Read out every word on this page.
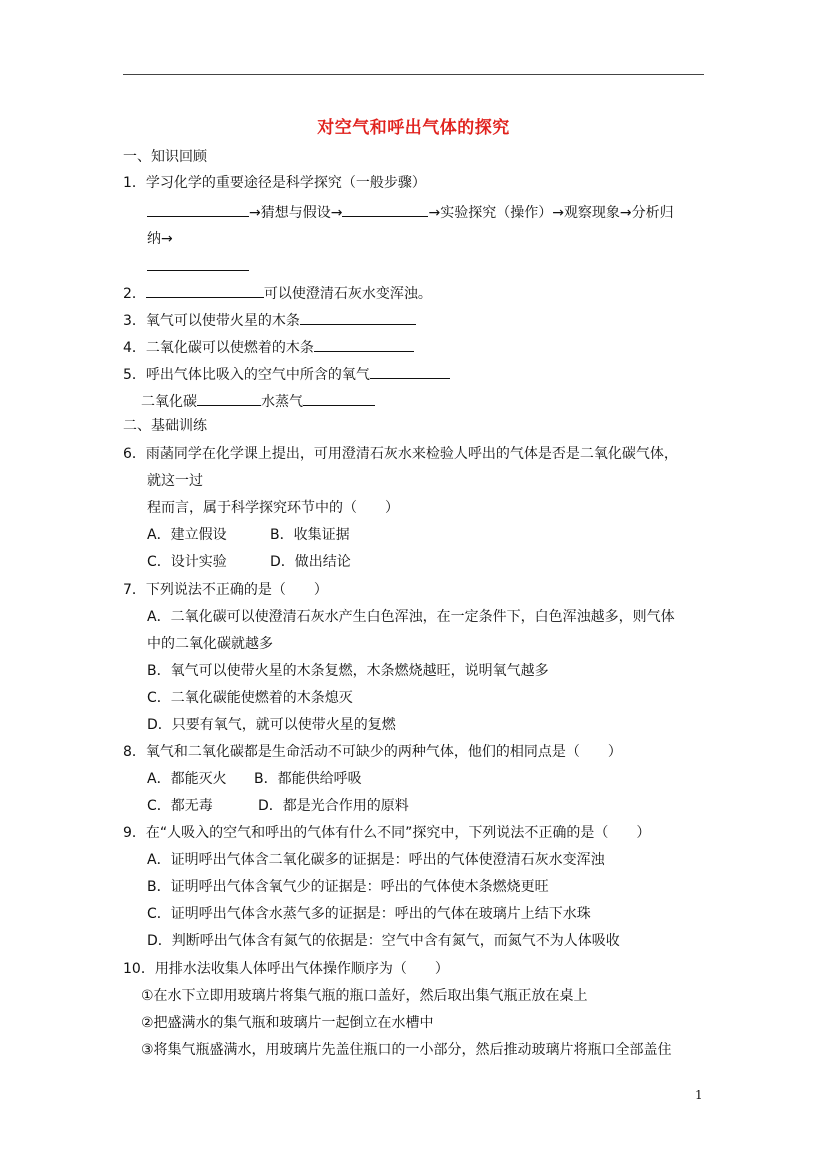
对空气和呼出气体的探究
一、知识回顾
1．学习化学的重要途径是科学探究（一般步骤）
→猜想与假设→	→实验探究（操作）→观察现象→分析归
纳→
2．	可以使澄清石灰水变浑浊。
3．氧气可以使带火星的木条
4．二氧化碳可以使燃着的木条
5．呼出气体比吸入的空气中所含的氧气
二氧化碳	水蒸气
二、基础训练
6．雨菡同学在化学课上提出，可用澄清石灰水来检验人呼出的气体是否是二氧化碳气体，
就这一过
程而言，属于科学探究环节中的（　　）
A．建立假设	B．收集证据
C．设计实验	D．做出结论
7．下列说法不正确的是（　　）
A．二氧化碳可以使澄清石灰水产生白色浑浊，在一定条件下，白色浑浊越多，则气体
中的二氧化碳就越多
B．氧气可以使带火星的木条复燃，木条燃烧越旺，说明氧气越多
C．二氧化碳能使燃着的木条熄灭
D．只要有氧气，就可以使带火星的复燃
8．氧气和二氧化碳都是生命活动不可缺少的两种气体，他们的相同点是（　　）
A．都能灭火 B．都能供给呼吸
C．都无毒	D．都是光合作用的原料
9．在“人吸入的空气和呼出的气体有什么不同”探究中，下列说法不正确的是（　　）
A．证明呼出气体含二氧化碳多的证据是：呼出的气体使澄清石灰水变浑浊
B．证明呼出气体含氧气少的证据是：呼出的气体使木条燃烧更旺
C．证明呼出气体含水蒸气多的证据是：呼出的气体在玻璃片上结下水珠
D．判断呼出气体含有氮气的依据是：空气中含有氮气，而氮气不为人体吸收
10．用排水法收集人体呼出气体操作顺序为（　　）
①在水下立即用玻璃片将集气瓶的瓶口盖好，然后取出集气瓶正放在桌上
②把盛满水的集气瓶和玻璃片一起倒立在水槽中
③将集气瓶盛满水，用玻璃片先盖住瓶口的一小部分，然后推动玻璃片将瓶口全部盖住
1
